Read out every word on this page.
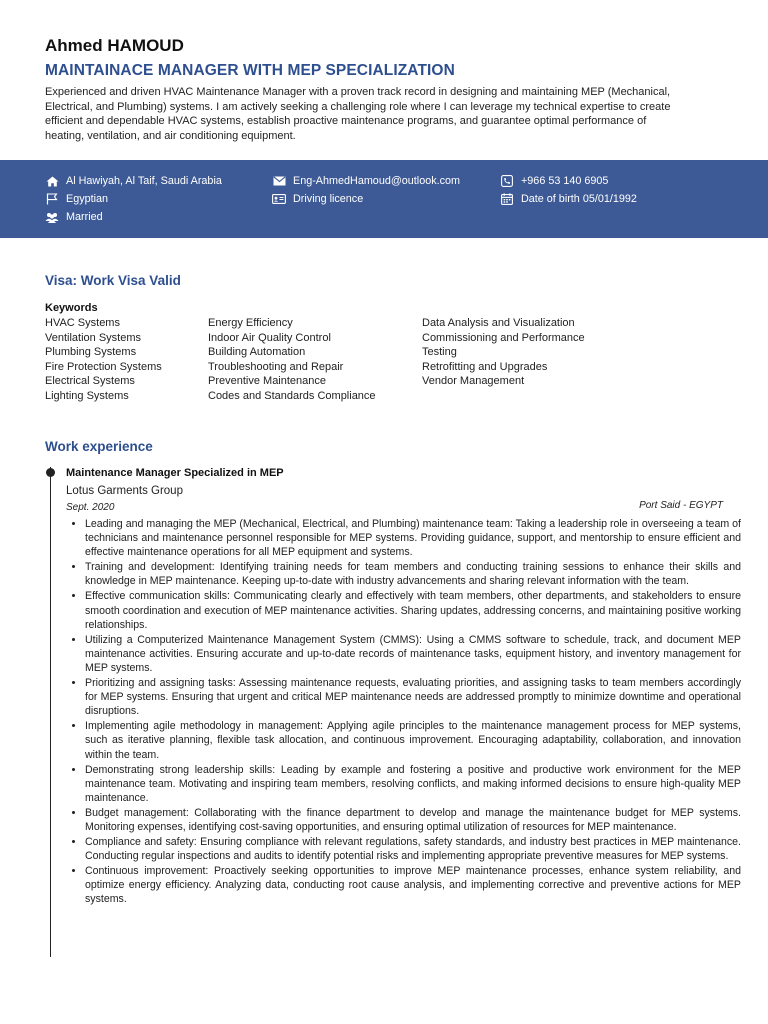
Ahmed HAMOUD
MAINTAINACE MANAGER WITH MEP SPECIALIZATION

Experienced and driven HVAC Maintenance Manager with a proven track record in designing and maintaining MEP (Mechanical, Electrical, and Plumbing) systems. I am actively seeking a challenging role where I can leverage my technical expertise to create efficient and dependable HVAC systems, establish proactive maintenance programs, and guarantee optimal performance of heating, ventilation, and air conditioning equipment.

Al Hawiyah, Al Taif, Saudi Arabia
Egyptian
Married
Eng-AhmedHamoud@outlook.com
Driving licence
+966 53 140 6905
Date of birth 05/01/1992
Visa: Work Visa Valid
Keywords
HVAC Systems
Ventilation Systems
Plumbing Systems
Fire Protection Systems
Electrical Systems
Lighting Systems
Energy Efficiency
Indoor Air Quality Control
Building Automation
Troubleshooting and Repair
Preventive Maintenance
Codes and Standards Compliance
Data Analysis and Visualization
Commissioning and Performance
Testing
Retrofitting and Upgrades
Vendor Management
Work experience
Maintenance Manager Specialized in MEP
Lotus Garments Group
Sept. 2020	Port Said - EGYPT
• Leading and managing the MEP (Mechanical, Electrical, and Plumbing) maintenance team: Taking a leadership role in overseeing a team of technicians and maintenance personnel responsible for MEP systems. Providing guidance, support, and mentorship to ensure efficient and effective maintenance operations for all MEP equipment and systems.
• Training and development: Identifying training needs for team members and conducting training sessions to enhance their skills and knowledge in MEP maintenance. Keeping up-to-date with industry advancements and sharing relevant information with the team.
• Effective communication skills: Communicating clearly and effectively with team members, other departments, and stakeholders to ensure smooth coordination and execution of MEP maintenance activities. Sharing updates, addressing concerns, and maintaining positive working relationships.
• Utilizing a Computerized Maintenance Management System (CMMS): Using a CMMS software to schedule, track, and document MEP maintenance activities. Ensuring accurate and up-to-date records of maintenance tasks, equipment history, and inventory management for MEP systems.
• Prioritizing and assigning tasks: Assessing maintenance requests, evaluating priorities, and assigning tasks to team members accordingly for MEP systems. Ensuring that urgent and critical MEP maintenance needs are addressed promptly to minimize downtime and operational disruptions.
• Implementing agile methodology in management: Applying agile principles to the maintenance management process for MEP systems, such as iterative planning, flexible task allocation, and continuous improvement. Encouraging adaptability, collaboration, and innovation within the team.
• Demonstrating strong leadership skills: Leading by example and fostering a positive and productive work environment for the MEP maintenance team. Motivating and inspiring team members, resolving conflicts, and making informed decisions to ensure high-quality MEP maintenance.
• Budget management: Collaborating with the finance department to develop and manage the maintenance budget for MEP systems. Monitoring expenses, identifying cost-saving opportunities, and ensuring optimal utilization of resources for MEP maintenance.
• Compliance and safety: Ensuring compliance with relevant regulations, safety standards, and industry best practices in MEP maintenance. Conducting regular inspections and audits to identify potential risks and implementing appropriate preventive measures for MEP systems.
• Continuous improvement: Proactively seeking opportunities to improve MEP maintenance processes, enhance system reliability, and optimize energy efficiency. Analyzing data, conducting root cause analysis, and implementing corrective and preventive actions for MEP systems.
